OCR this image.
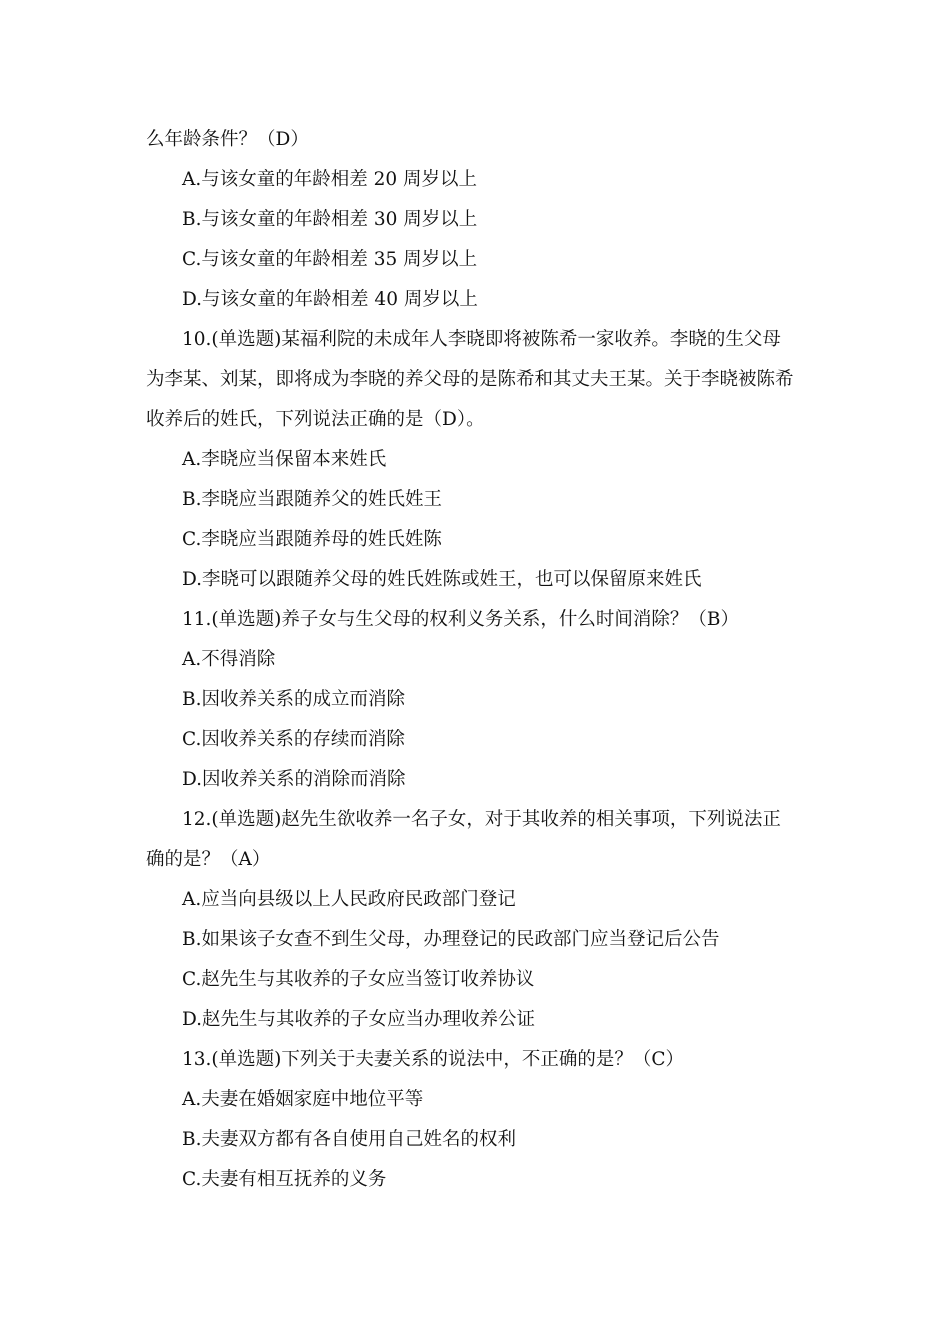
么年龄条件？（D）
A.与该女童的年龄相差 20 周岁以上
B.与该女童的年龄相差 30 周岁以上
C.与该女童的年龄相差 35 周岁以上
D.与该女童的年龄相差 40 周岁以上
10.(单选题)某福利院的未成年人李晓即将被陈希一家收养。李晓的生父母
为李某、刘某，即将成为李晓的养父母的是陈希和其丈夫王某。关于李晓被陈希
收养后的姓氏，下列说法正确的是（D）。
A.李晓应当保留本来姓氏
B.李晓应当跟随养父的姓氏姓王
C.李晓应当跟随养母的姓氏姓陈
D.李晓可以跟随养父母的姓氏姓陈或姓王，也可以保留原来姓氏
11.(单选题)养子女与生父母的权利义务关系，什么时间消除？（B）
A.不得消除
B.因收养关系的成立而消除
C.因收养关系的存续而消除
D.因收养关系的消除而消除
12.(单选题)赵先生欲收养一名子女，对于其收养的相关事项，下列说法正
确的是？（A）
A.应当向县级以上人民政府民政部门登记
B.如果该子女查不到生父母，办理登记的民政部门应当登记后公告
C.赵先生与其收养的子女应当签订收养协议
D.赵先生与其收养的子女应当办理收养公证
13.(单选题)下列关于夫妻关系的说法中，不正确的是？（C）
A.夫妻在婚姻家庭中地位平等
B.夫妻双方都有各自使用自己姓名的权利
C.夫妻有相互抚养的义务
